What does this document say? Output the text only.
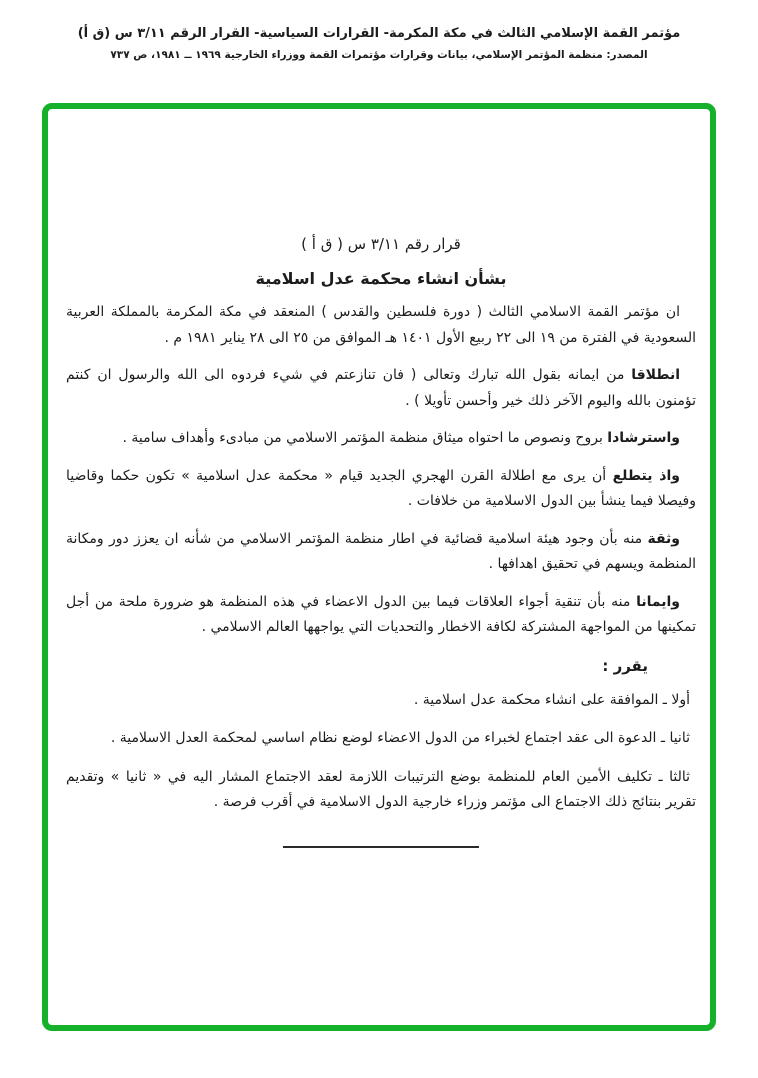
مؤتمر القمة الإسلامي الثالث في مكة المكرمة- القرارات السياسية- القرار الرقم ٣/١١ س (ق أ)
المصدر: منظمة المؤتمر الإسلامي، بيانات وقرارات مؤتمرات القمة ووزراء الخارجية ١٩٦٩ ــ ١٩٨١، ص ٧٣٧
قرار رقم ٣/١١ س ( ق أ )
بشأن انشاء محكمة عدل اسلامية

ان مؤتمر القمة الاسلامي الثالث ( دورة فلسطين والقدس ) المنعقد في مكة المكرمة بالمملكة العربية السعودية في الفترة من ١٩ الى ٢٢ ربيع الأول ١٤٠١ هـ الموافق من ٢٥ الى ٢٨ يناير ١٩٨١ م .

انطلاقا من ايمانه بقول الله تبارك وتعالى ( فان تنازعتم في شيء فردوه الى الله والرسول ان كنتم تؤمنون بالله واليوم الآخر ذلك خير وأحسن تأويلا ) .

واسترشادا بروح ونصوص ما احتواه ميثاق منظمة المؤتمر الاسلامي من مبادىء وأهداف سامية .

واذ يتطلع أن يرى مع اطلالة القرن الهجري الجديد قيام « محكمة عدل اسلامية » تكون حكما وقاضيا وفيصلا فيما ينشأ بين الدول الاسلامية من خلافات .

وثقة منه بأن وجود هيئة اسلامية قضائية في اطار منظمة المؤتمر الاسلامي من شأنه ان يعزز دور ومكانة المنظمة ويسهم في تحقيق اهدافها .

وايمانا منه بأن تنقية أجواء العلاقات فيما بين الدول الاعضاء في هذه المنظمة هو ضرورة ملحة من أجل تمكينها من المواجهة المشتركة لكافة الاخطار والتحديات التي يواجهها العالم الاسلامي .

يقرر :

أولا ـ الموافقة على انشاء محكمة عدل اسلامية .

ثانيا ـ الدعوة الى عقد اجتماع لخبراء من الدول الاعضاء لوضع نظام اساسي لمحكمة العدل الاسلامية .

ثالثا ـ تكليف الأمين العام للمنظمة بوضع الترتيبات اللازمة لعقد الاجتماع المشار اليه في « ثانيا » وتقديم تقرير بنتائج ذلك الاجتماع الى مؤتمر وزراء خارجية الدول الاسلامية في أقرب فرصة .
